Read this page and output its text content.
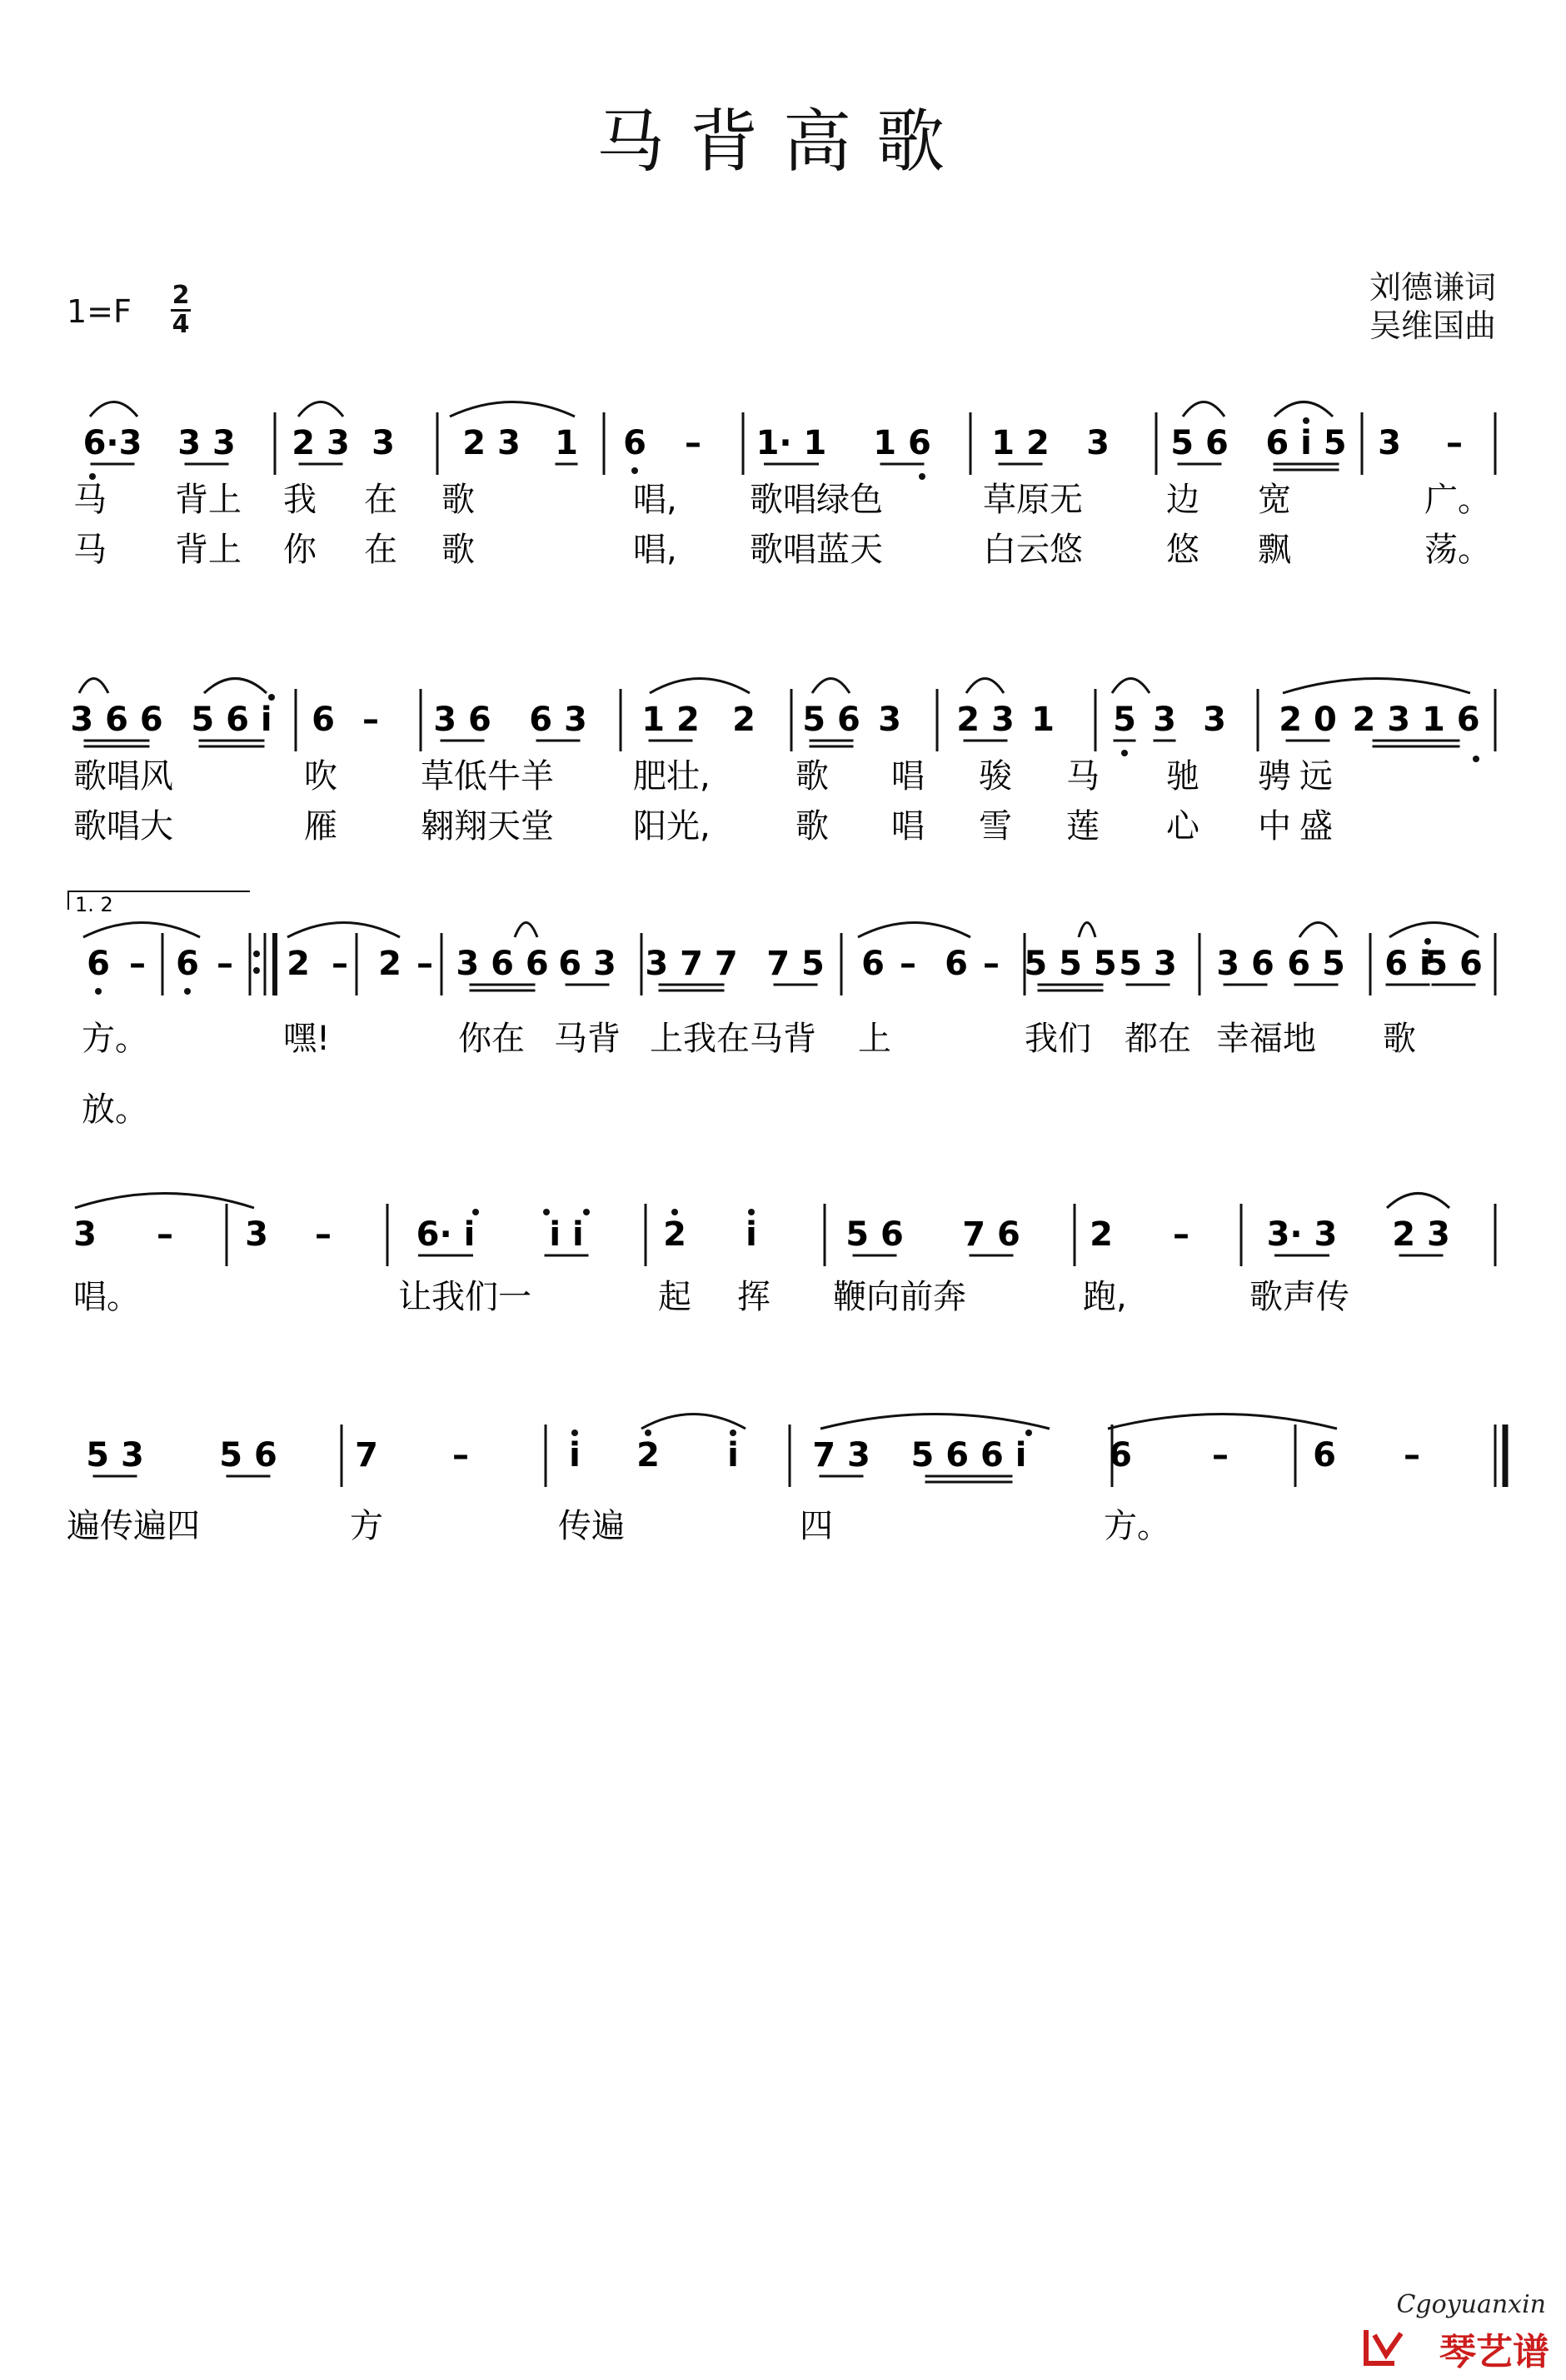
马背高歌
1=F 2
4
刘德谦词
吴维国曲
6·3 3 3 2 3 3 2 3 1 6 – 1· 1 1 6 1 2 3 5 6 6 i 5 3 –
马 背上 我 在 歌	唱, 歌唱绿色	草原无	边 宽	广。
马 背上 你 在 歌	唱, 歌唱蓝天	白云悠	悠 飘	荡。
3 6 6 5 6 i 6 – 3 6 6 3 1 2 2 5 6 3 2 3 1 5 3 3 2 0 2 3 1 6
歌唱风	吹	草低牛羊 肥壮,	歌 唱 骏 马 驰 骋 远
歌唱大	雁	翱翔天堂 阳光,	歌 唱 雪 莲 心 中 盛
6 – 6 – 2 – 2 – 3 6 6 6 3 3 7 7 7 5 6 – 6 – 5 5 5 5 3 3 6 6 5 6 i
5 6
方。	嘿!	你在 马背 上我在马背 上	我们 都在 幸福地 歌
放。
1. 2
3 – 3 –	6· i i i 2 i	5 6 7 6 2 – 3· 3 2 3
唱。	让我们一	起 挥 鞭向前奔	跑,	歌声传
5 3 5 6 7 –	i 2 i 7 3 5 6 6 i 6 –	6 –
遍传遍四	方	传遍	四	方。
Cgoyuanxin
琴艺谱
